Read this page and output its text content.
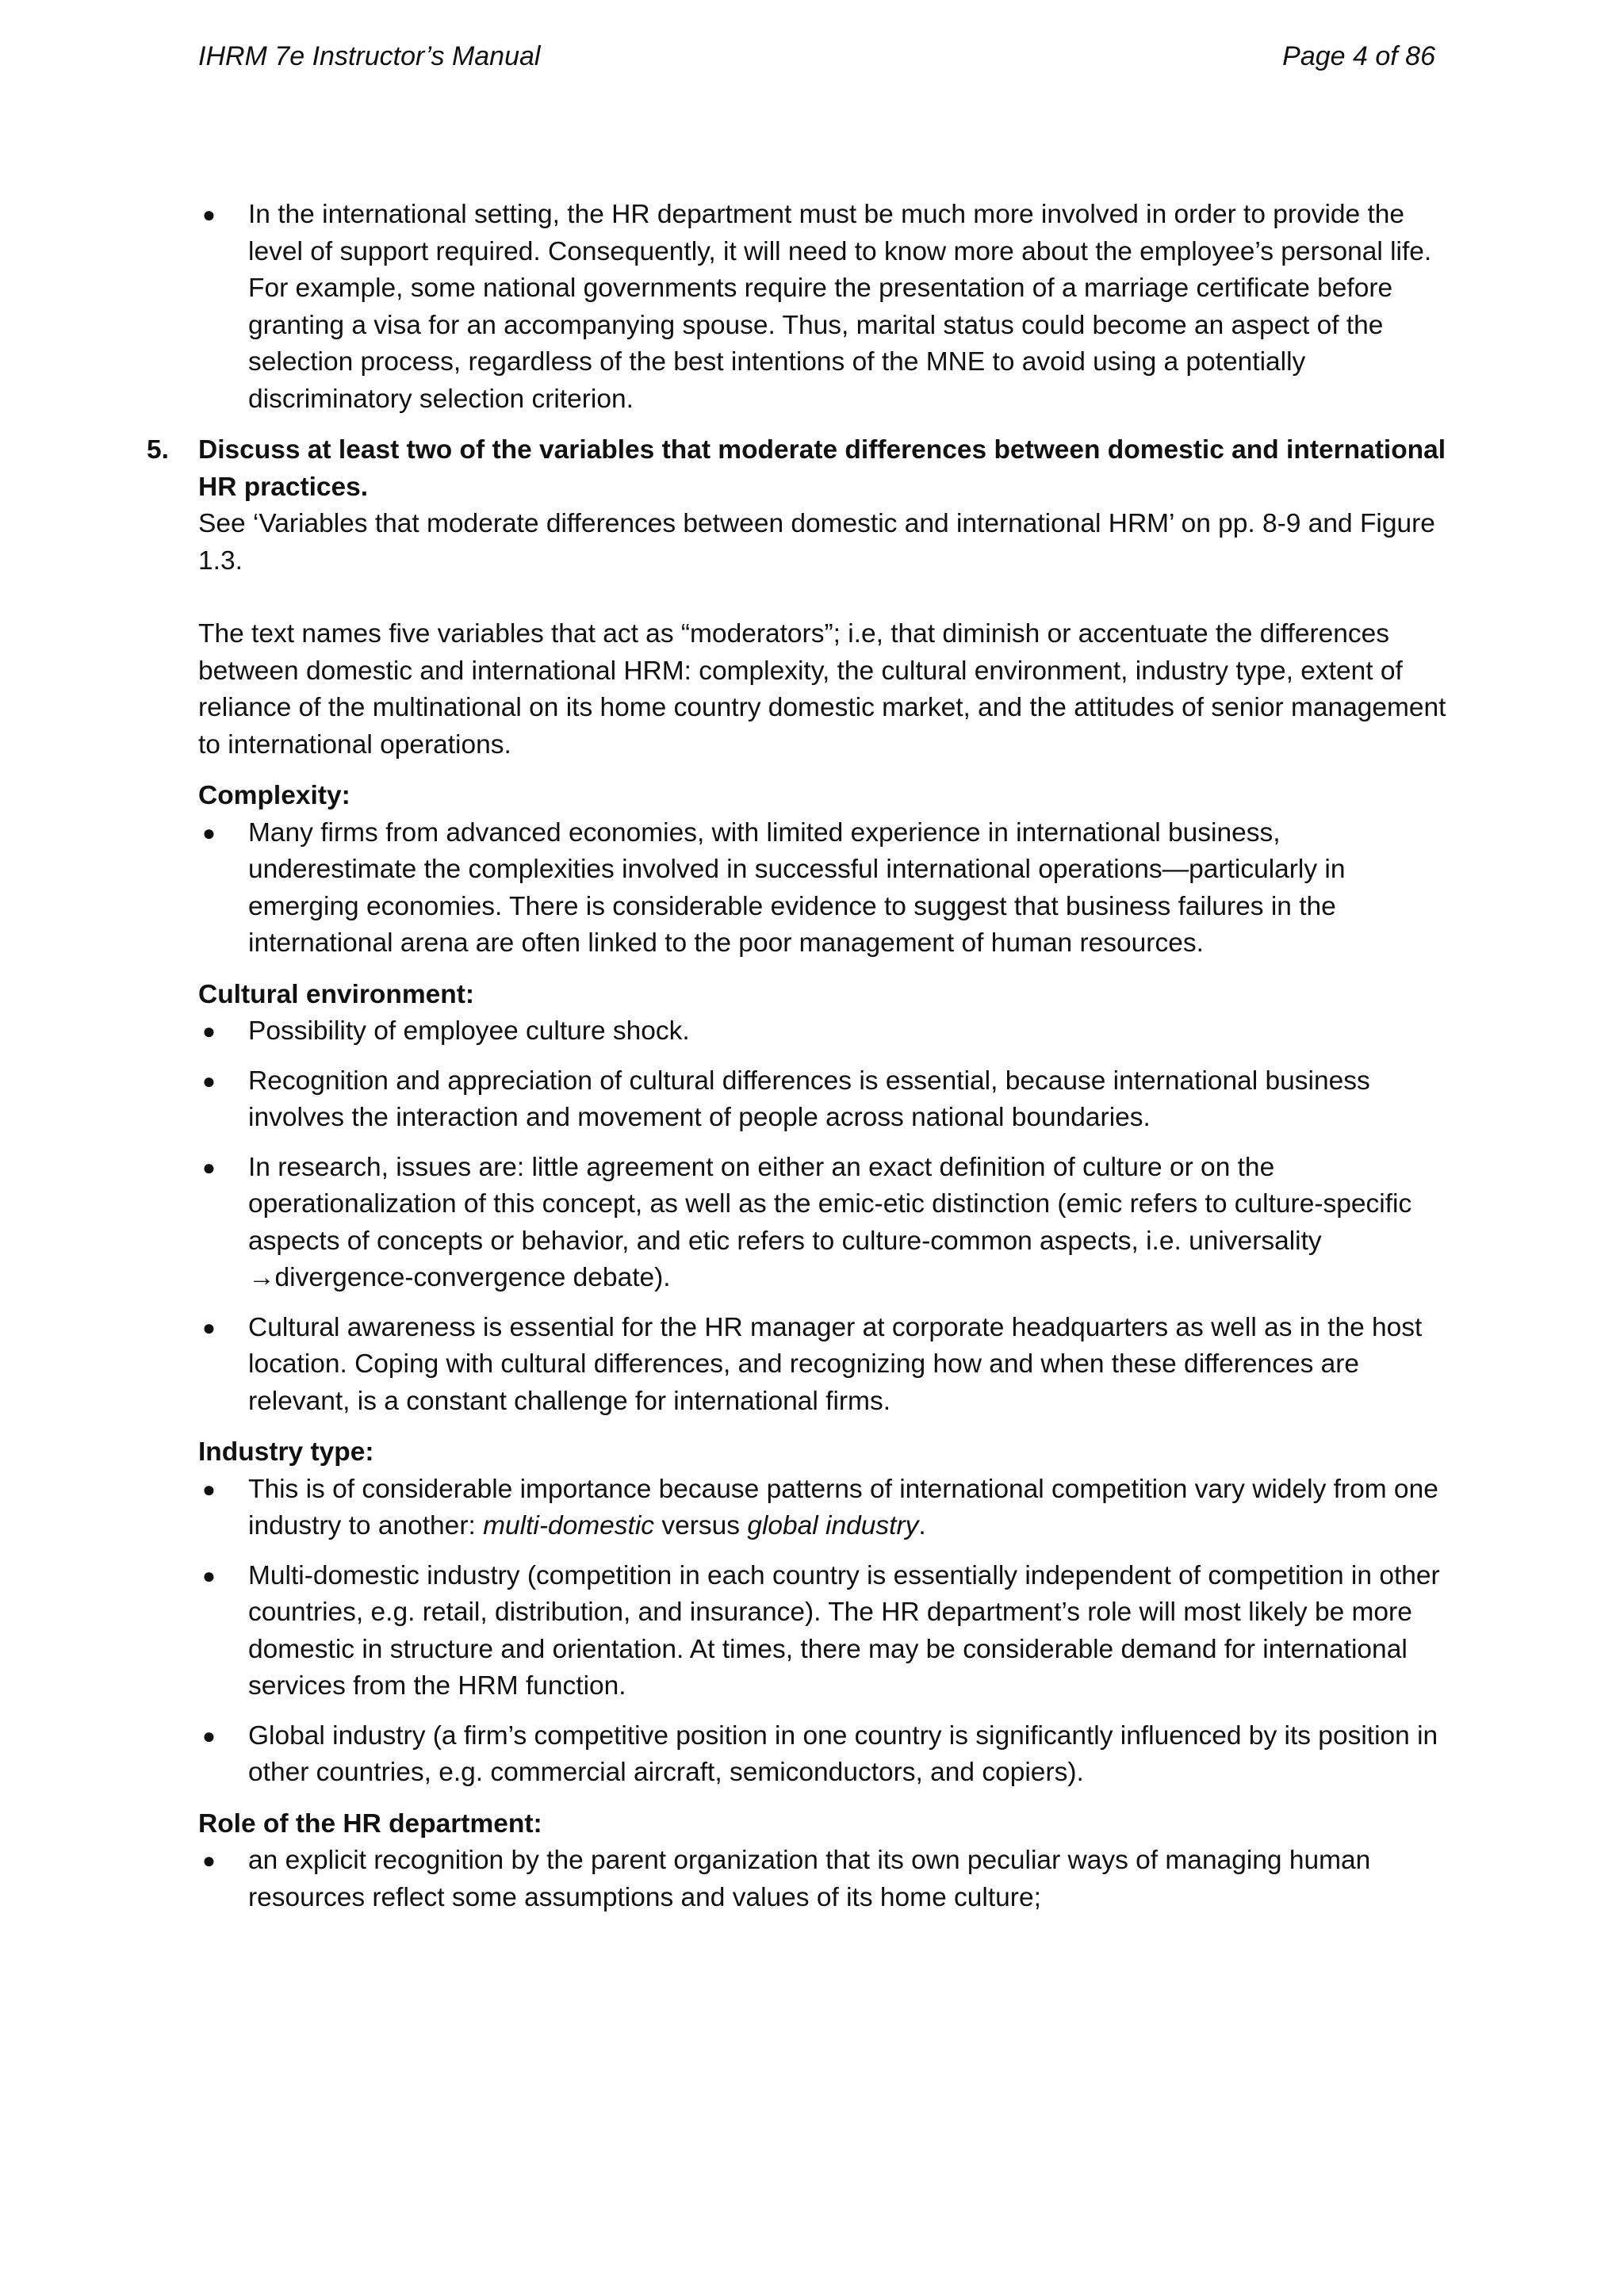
IHRM 7e Instructor’s Manual	Page 4 of 86
●	In the international setting, the HR department must be much more involved in order to provide the level of support required. Consequently, it will need to know more about the employee’s personal life. For example, some national governments require the presentation of a marriage certificate before granting a visa for an accompanying spouse. Thus, marital status could become an aspect of the selection process, regardless of the best intentions of the MNE to avoid using a potentially discriminatory selection criterion.

5. Discuss at least two of the variables that moderate differences between domestic and international HR practices.

See ‘Variables that moderate differences between domestic and international HRM’ on pp. 8-9 and Figure 1.3.

The text names five variables that act as “moderators”; i.e, that diminish or accentuate the differences between domestic and international HRM: complexity, the cultural environment, industry type, extent of reliance of the multinational on its home country domestic market, and the attitudes of senior management to international operations.

Complexity:

●	Many firms from advanced economies, with limited experience in international business, underestimate the complexities involved in successful international operations—particularly in emerging economies. There is considerable evidence to suggest that business failures in the international arena are often linked to the poor management of human resources.

Cultural environment:

●	Possibility of employee culture shock.

●	Recognition and appreciation of cultural differences is essential, because international business involves the interaction and movement of people across national boundaries.

●	In research, issues are: little agreement on either an exact definition of culture or on the operationalization of this concept, as well as the emic-etic distinction (emic refers to culture-specific aspects of concepts or behavior, and etic refers to culture-common aspects, i.e. universality →divergence-convergence debate).

●	Cultural awareness is essential for the HR manager at corporate headquarters as well as in the host location. Coping with cultural differences, and recognizing how and when these differences are relevant, is a constant challenge for international firms.

Industry type:

●	This is of considerable importance because patterns of international competition vary widely from one industry to another: multi-domestic versus global industry.

●	Multi-domestic industry (competition in each country is essentially independent of competition in other countries, e.g. retail, distribution, and insurance). The HR department’s role will most likely be more domestic in structure and orientation. At times, there may be considerable demand for international services from the HRM function.

●	Global industry (a firm’s competitive position in one country is significantly influenced by its position in other countries, e.g. commercial aircraft, semiconductors, and copiers).

Role of the HR department:

●	an explicit recognition by the parent organization that its own peculiar ways of managing human resources reflect some assumptions and values of its home culture;
